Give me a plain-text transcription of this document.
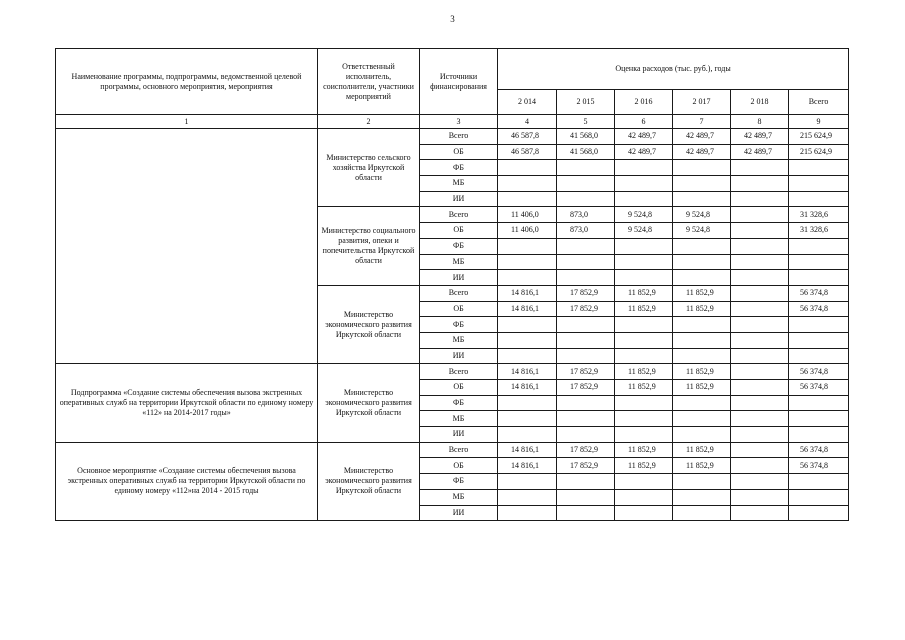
3
Наименование программы, подпрограммы, ведомственной целевой программы, основного мероприятия, мероприятия	Ответственный исполнитель, соисполнители, участники мероприятий	Источники финансирования	Оценка расходов (тыс. руб.), годы					
			2 014	2 015	2 016	2 017	2 018	Всего
1	2	3	4	5	6	7	8	9
	Министерство сельского хозяйства Иркутской области	Всего	46 587,8	41 568,0	42 489,7	42 489,7	42 489,7	215 624,9
		ОБ	46 587,8	41 568,0	42 489,7	42 489,7	42 489,7	215 624,9
		ФБ						
		МБ						
		ИИ						
	Министерство социального развития, опеки и попечительства Иркутской области	Всего	11 406,0	873,0	9 524,8	9 524,8		31 328,6
		ОБ	11 406,0	873,0	9 524,8	9 524,8		31 328,6
		ФБ						
		МБ						
		ИИ						
	Министерство экономического развития Иркутской области	Всего	14 816,1	17 852,9	11 852,9	11 852,9		56 374,8
		ОБ	14 816,1	17 852,9	11 852,9	11 852,9		56 374,8
		ФБ						
		МБ						
		ИИ						
Подпрограмма «Создание системы обеспечения вызова экстренных оперативных служб на территории Иркутской области по единому номеру «112» на 2014-2017 годы»	Министерство экономического развития Иркутской области	Всего	14 816,1	17 852,9	11 852,9	11 852,9		56 374,8
		ОБ	14 816,1	17 852,9	11 852,9	11 852,9		56 374,8
		ФБ						
		МБ						
		ИИ						
Основное мероприятие «Создание системы обеспечения вызова экстренных оперативных служб на территории Иркутской области по единому номеру «112»на 2014 - 2015 годы	Министерство экономического развития Иркутской области	Всего	14 816,1	17 852,9	11 852,9	11 852,9		56 374,8
		ОБ	14 816,1	17 852,9	11 852,9	11 852,9		56 374,8
		ФБ						
		МБ						
		ИИ						
